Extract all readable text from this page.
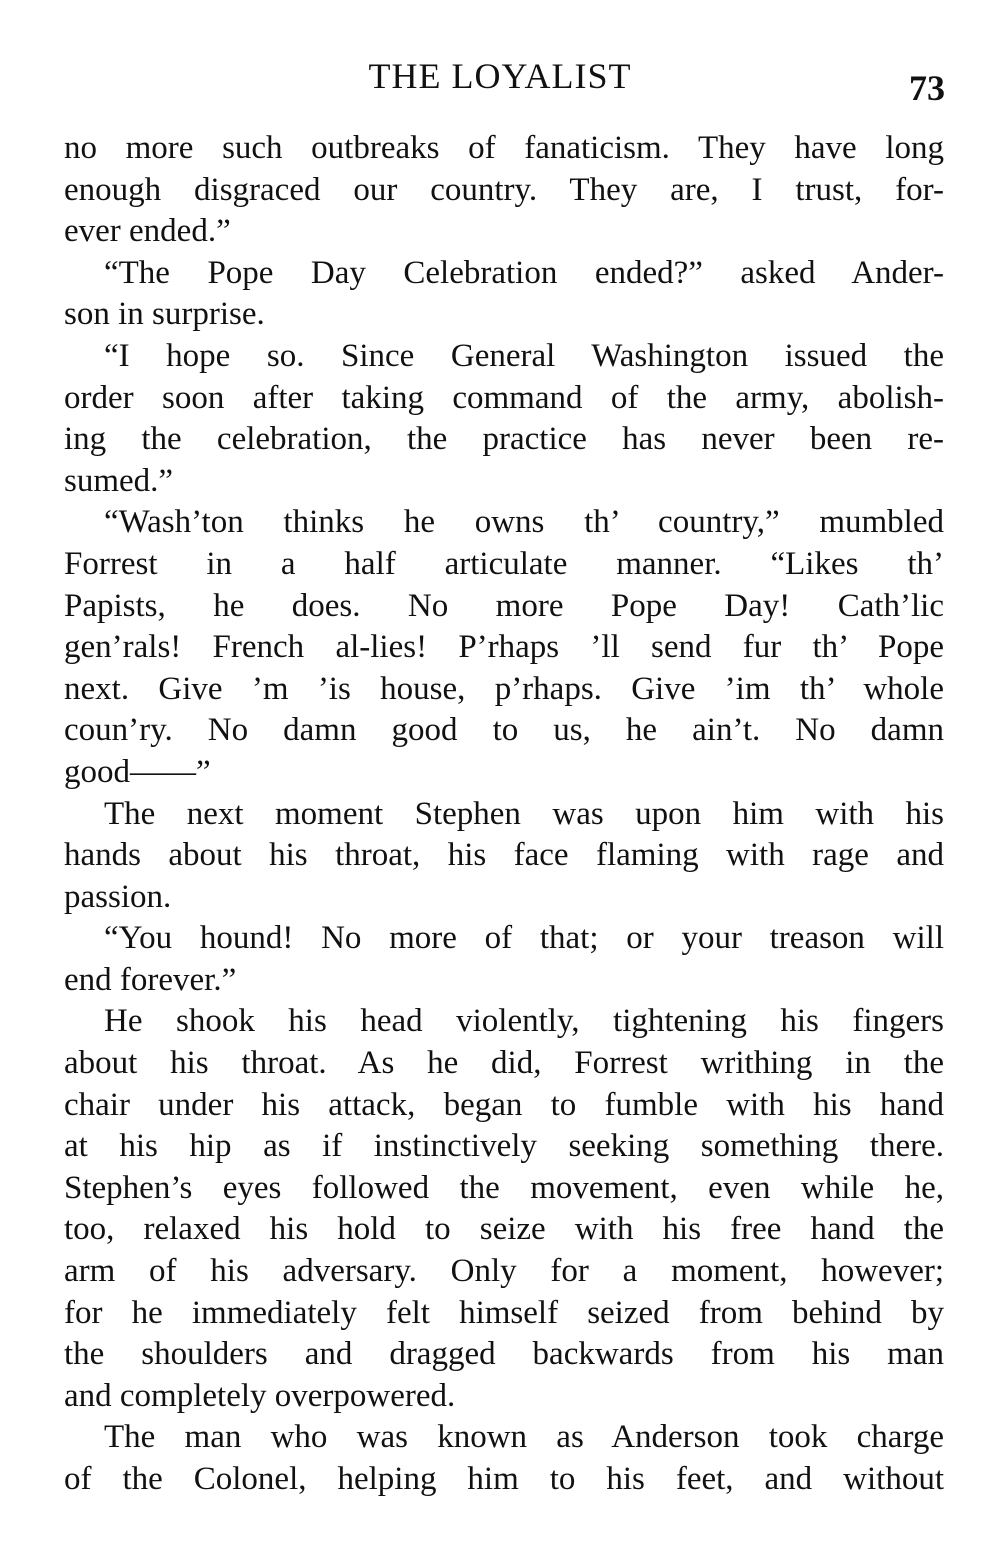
THE LOYALIST	73
no more such outbreaks of fanaticism. They have long
enough disgraced our country. They are, I trust, for-
ever ended.”
“The Pope Day Celebration ended?” asked Ander-
son in surprise.
“I hope so. Since General Washington issued the
order soon after taking command of the army, abolish-
ing the celebration, the practice has never been re-
sumed.”
“Wash’ton thinks he owns th’ country,” mumbled
Forrest in a half articulate manner. “Likes th’
Papists, he does. No more Pope Day! Cath’lic
gen’rals! French al-lies! P’rhaps ’ll send fur th’ Pope
next. Give ’m ’is house, p’rhaps. Give ’im th’ whole
coun’ry. No damn good to us, he ain’t. No damn
good——”
The next moment Stephen was upon him with his
hands about his throat, his face flaming with rage and
passion.
“You hound! No more of that; or your treason will
end forever.”
He shook his head violently, tightening his fingers
about his throat. As he did, Forrest writhing in the
chair under his attack, began to fumble with his hand
at his hip as if instinctively seeking something there.
Stephen’s eyes followed the movement, even while he,
too, relaxed his hold to seize with his free hand the
arm of his adversary. Only for a moment, however;
for he immediately felt himself seized from behind by
the shoulders and dragged backwards from his man
and completely overpowered.
The man who was known as Anderson took charge
of the Colonel, helping him to his feet, and without
